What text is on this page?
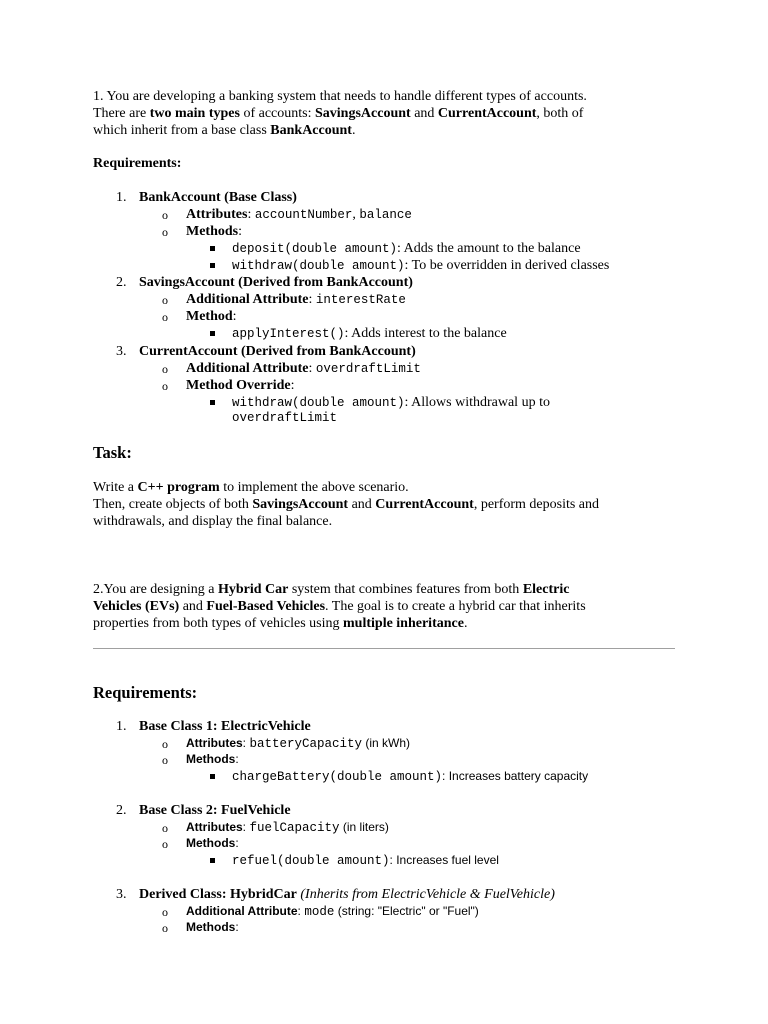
1. You are developing a banking system that needs to handle different types of accounts.
There are two main types of accounts: SavingsAccount and CurrentAccount, both of
which inherit from a base class BankAccount.
Requirements:
1. BankAccount (Base Class)
o Attributes: accountNumber, balance
o Methods:
deposit(double amount): Adds the amount to the balance
withdraw(double amount): To be overridden in derived classes
2. SavingsAccount (Derived from BankAccount)
o Additional Attribute: interestRate
o Method:
applyInterest(): Adds interest to the balance
3. CurrentAccount (Derived from BankAccount)
o Additional Attribute: overdraftLimit
o Method Override:
withdraw(double amount): Allows withdrawal up to
overdraftLimit
Task:
Write a C++ program to implement the above scenario.
Then, create objects of both SavingsAccount and CurrentAccount, perform deposits and
withdrawals, and display the final balance.
2.You are designing a Hybrid Car system that combines features from both Electric
Vehicles (EVs) and Fuel-Based Vehicles. The goal is to create a hybrid car that inherits
properties from both types of vehicles using multiple inheritance.
Requirements:
1. Base Class 1: ElectricVehicle
o Attributes: batteryCapacity (in kWh)
o Methods:
chargeBattery(double amount): Increases battery capacity
2. Base Class 2: FuelVehicle
o Attributes: fuelCapacity (in liters)
o Methods:
refuel(double amount): Increases fuel level
3. Derived Class: HybridCar (Inherits from ElectricVehicle & FuelVehicle)
o Additional Attribute: mode (string: "Electric" or "Fuel")
o Methods:
